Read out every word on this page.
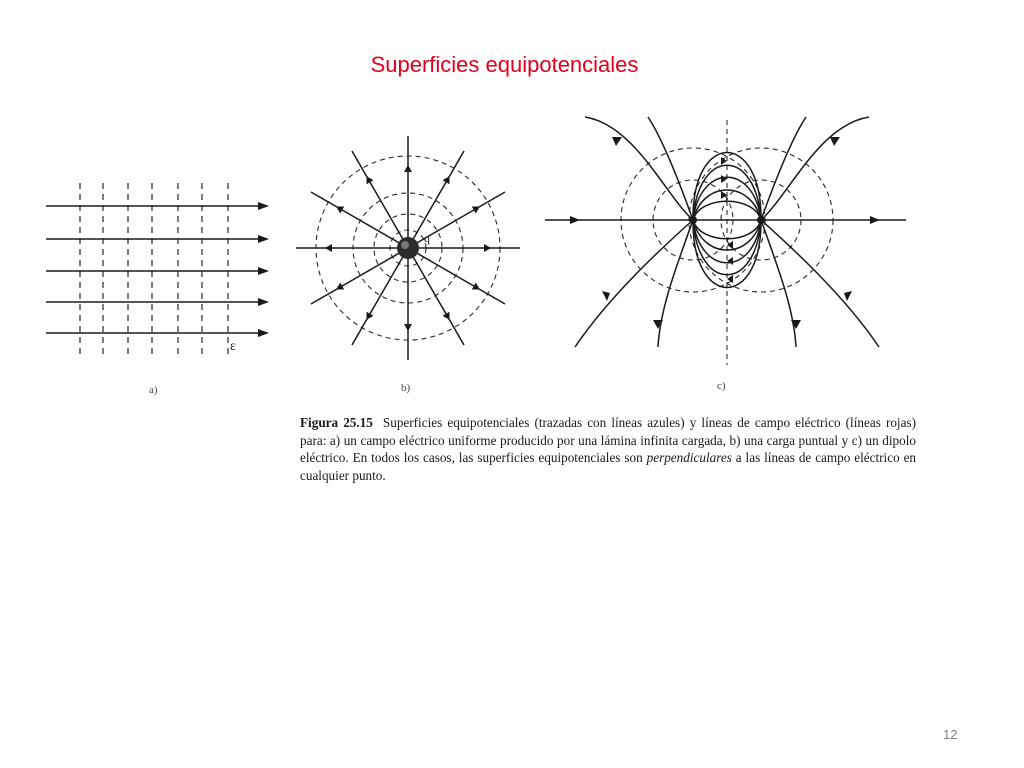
Superficies equipotenciales
ε
a)
q
b)	c)
Figura 25.15 Superficies equipotenciales (trazadas con líneas azules) y líneas de campo eléctrico (líneas rojas) para: a) un campo eléctrico uniforme producido por una lámina infinita cargada, b) una carga puntual y c) un dipolo eléctrico. En todos los casos, las superficies equipotenciales son perpendiculares a las líneas de campo eléctrico en cualquier punto.
12
